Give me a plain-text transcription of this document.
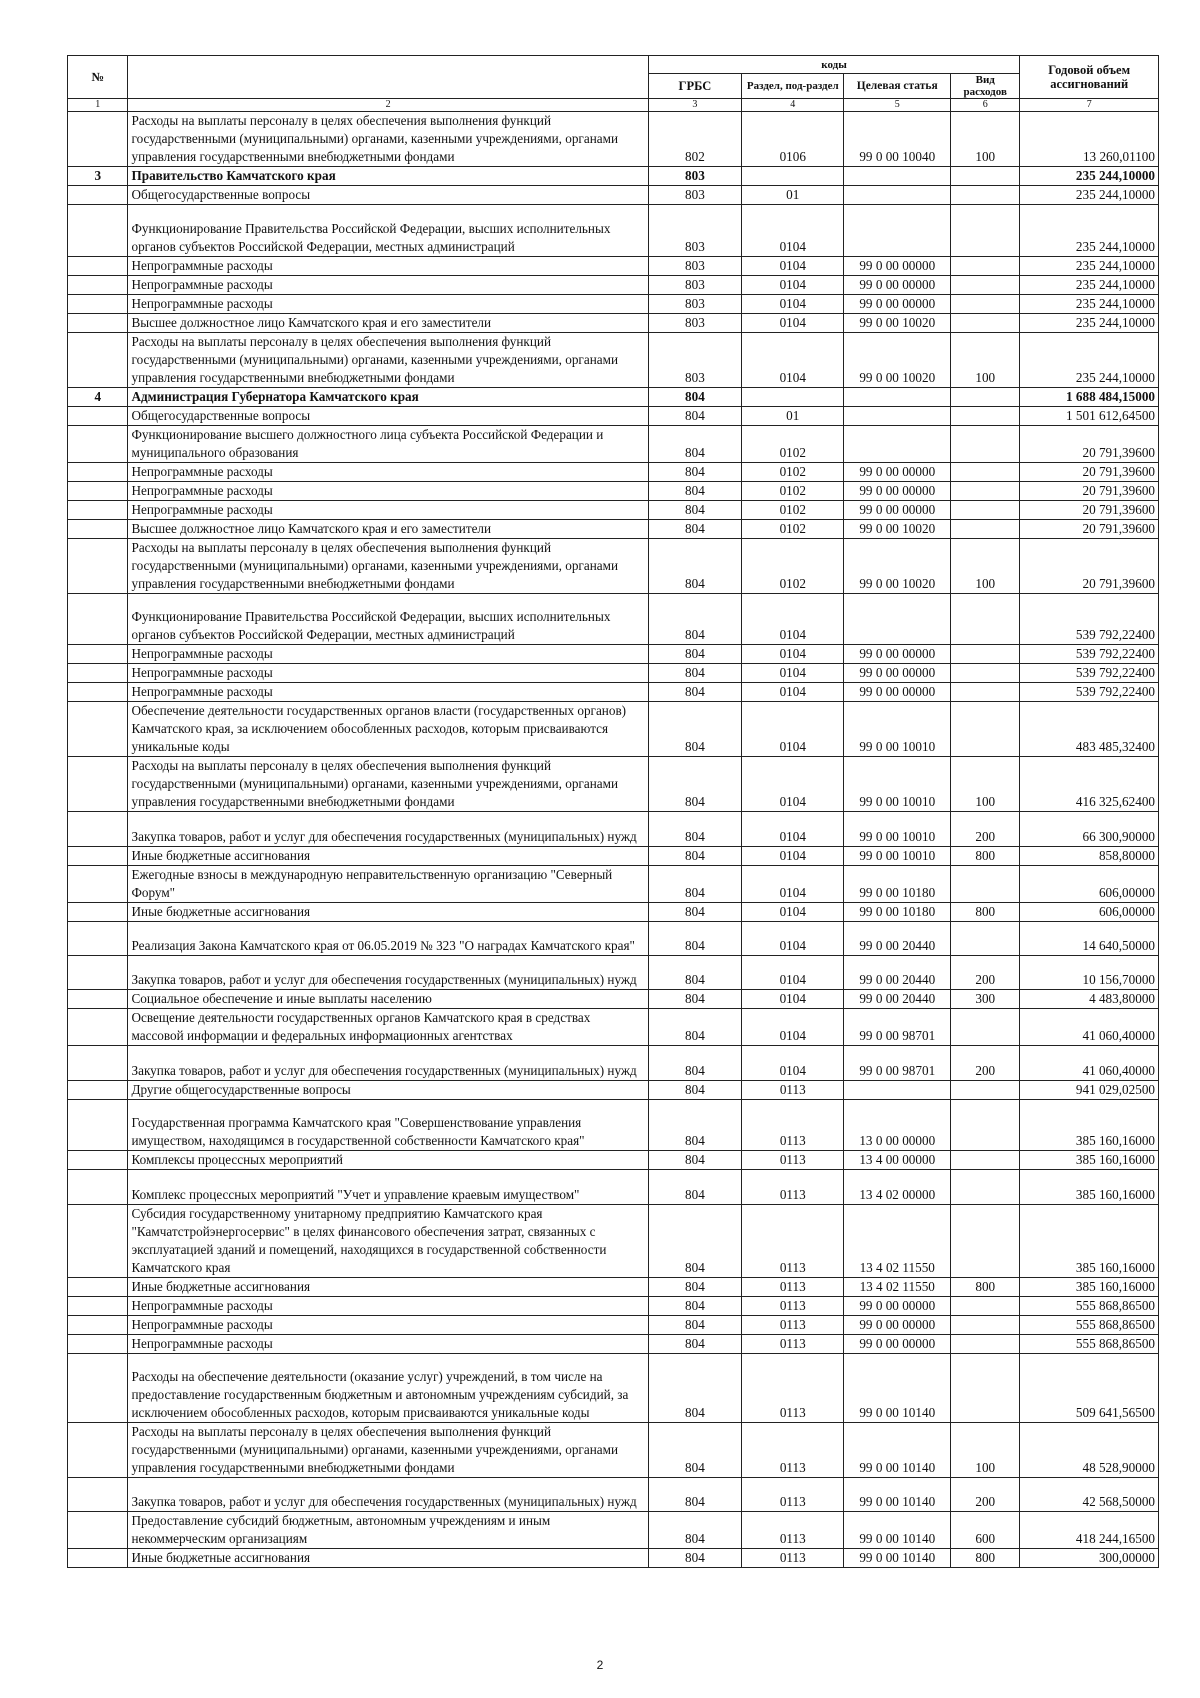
№		коды				Годовой объем ассигнований
		ГРБС	Раздел, под-раздел	Целевая статья	Вид расходов	
1	2	3	4	5	6	7
	Расходы на выплаты персоналу в целях обеспечения выполнения функций государственными (муниципальными) органами, казенными учреждениями, органами управления государственными внебюджетными фондами	802	0106	99 0 00 10040	100	13 260,01100
3	Правительство Камчатского края	803				235 244,10000
	Общегосударственные вопросы	803	01			235 244,10000
	Функционирование Правительства Российской Федерации, высших исполнительных органов субъектов Российской Федерации, местных администраций	803	0104			235 244,10000
	Непрограммные расходы	803	0104	99 0 00 00000		235 244,10000
	Непрограммные расходы	803	0104	99 0 00 00000		235 244,10000
	Непрограммные расходы	803	0104	99 0 00 00000		235 244,10000
	Высшее должностное лицо Камчатского края и его заместители	803	0104	99 0 00 10020		235 244,10000
	Расходы на выплаты персоналу в целях обеспечения выполнения функций государственными (муниципальными) органами, казенными учреждениями, органами управления государственными внебюджетными фондами	803	0104	99 0 00 10020	100	235 244,10000
4	Администрация Губернатора Камчатского края	804				1 688 484,15000
	Общегосударственные вопросы	804	01			1 501 612,64500
	Функционирование высшего должностного лица субъекта Российской Федерации и муниципального образования	804	0102			20 791,39600
	Непрограммные расходы	804	0102	99 0 00 00000		20 791,39600
	Непрограммные расходы	804	0102	99 0 00 00000		20 791,39600
	Непрограммные расходы	804	0102	99 0 00 00000		20 791,39600
	Высшее должностное лицо Камчатского края и его заместители	804	0102	99 0 00 10020		20 791,39600
	Расходы на выплаты персоналу в целях обеспечения выполнения функций государственными (муниципальными) органами, казенными учреждениями, органами управления государственными внебюджетными фондами	804	0102	99 0 00 10020	100	20 791,39600
	Функционирование Правительства Российской Федерации, высших исполнительных органов субъектов Российской Федерации, местных администраций	804	0104			539 792,22400
	Непрограммные расходы	804	0104	99 0 00 00000		539 792,22400
	Непрограммные расходы	804	0104	99 0 00 00000		539 792,22400
	Непрограммные расходы	804	0104	99 0 00 00000		539 792,22400
	Обеспечение деятельности государственных органов власти (государственных органов) Камчатского края, за исключением обособленных расходов, которым присваиваются уникальные коды	804	0104	99 0 00 10010		483 485,32400
	Расходы на выплаты персоналу в целях обеспечения выполнения функций государственными (муниципальными) органами, казенными учреждениями, органами управления государственными внебюджетными фондами	804	0104	99 0 00 10010	100	416 325,62400
	Закупка товаров, работ и услуг для обеспечения государственных (муниципальных) нужд	804	0104	99 0 00 10010	200	66 300,90000
	Иные бюджетные ассигнования	804	0104	99 0 00 10010	800	858,80000
	Ежегодные взносы в международную неправительственную организацию "Северный Форум"	804	0104	99 0 00 10180		606,00000
	Иные бюджетные ассигнования	804	0104	99 0 00 10180	800	606,00000
	Реализация Закона Камчатского края от 06.05.2019 № 323 "О наградах Камчатского края"	804	0104	99 0 00 20440		14 640,50000
	Закупка товаров, работ и услуг для обеспечения государственных (муниципальных) нужд	804	0104	99 0 00 20440	200	10 156,70000
	Социальное обеспечение и иные выплаты населению	804	0104	99 0 00 20440	300	4 483,80000
	Освещение деятельности государственных органов Камчатского края в средствах массовой информации и федеральных информационных агентствах	804	0104	99 0 00 98701		41 060,40000
	Закупка товаров, работ и услуг для обеспечения государственных (муниципальных) нужд	804	0104	99 0 00 98701	200	41 060,40000
	Другие общегосударственные вопросы	804	0113			941 029,02500
	Государственная программа Камчатского края "Совершенствование управления имуществом, находящимся в государственной собственности Камчатского края"	804	0113	13 0 00 00000		385 160,16000
	Комплексы процессных мероприятий	804	0113	13 4 00 00000		385 160,16000
	Комплекс процессных мероприятий "Учет и управление краевым имуществом"	804	0113	13 4 02 00000		385 160,16000
	Субсидия государственному унитарному предприятию Камчатского края "Камчатстройэнергосервис" в целях финансового обеспечения затрат, связанных с эксплуатацией зданий и помещений, находящихся в государственной собственности Камчатского края	804	0113	13 4 02 11550		385 160,16000
	Иные бюджетные ассигнования	804	0113	13 4 02 11550	800	385 160,16000
	Непрограммные расходы	804	0113	99 0 00 00000		555 868,86500
	Непрограммные расходы	804	0113	99 0 00 00000		555 868,86500
	Непрограммные расходы	804	0113	99 0 00 00000		555 868,86500
	Расходы на обеспечение деятельности (оказание услуг) учреждений, в том числе на предоставление государственным бюджетным и автономным учреждениям субсидий, за исключением обособленных расходов, которым присваиваются уникальные коды	804	0113	99 0 00 10140		509 641,56500
	Расходы на выплаты персоналу в целях обеспечения выполнения функций государственными (муниципальными) органами, казенными учреждениями, органами управления государственными внебюджетными фондами	804	0113	99 0 00 10140	100	48 528,90000
	Закупка товаров, работ и услуг для обеспечения государственных (муниципальных) нужд	804	0113	99 0 00 10140	200	42 568,50000
	Предоставление субсидий бюджетным, автономным учреждениям и иным некоммерческим организациям	804	0113	99 0 00 10140	600	418 244,16500
	Иные бюджетные ассигнования	804	0113	99 0 00 10140	800	300,00000
2
